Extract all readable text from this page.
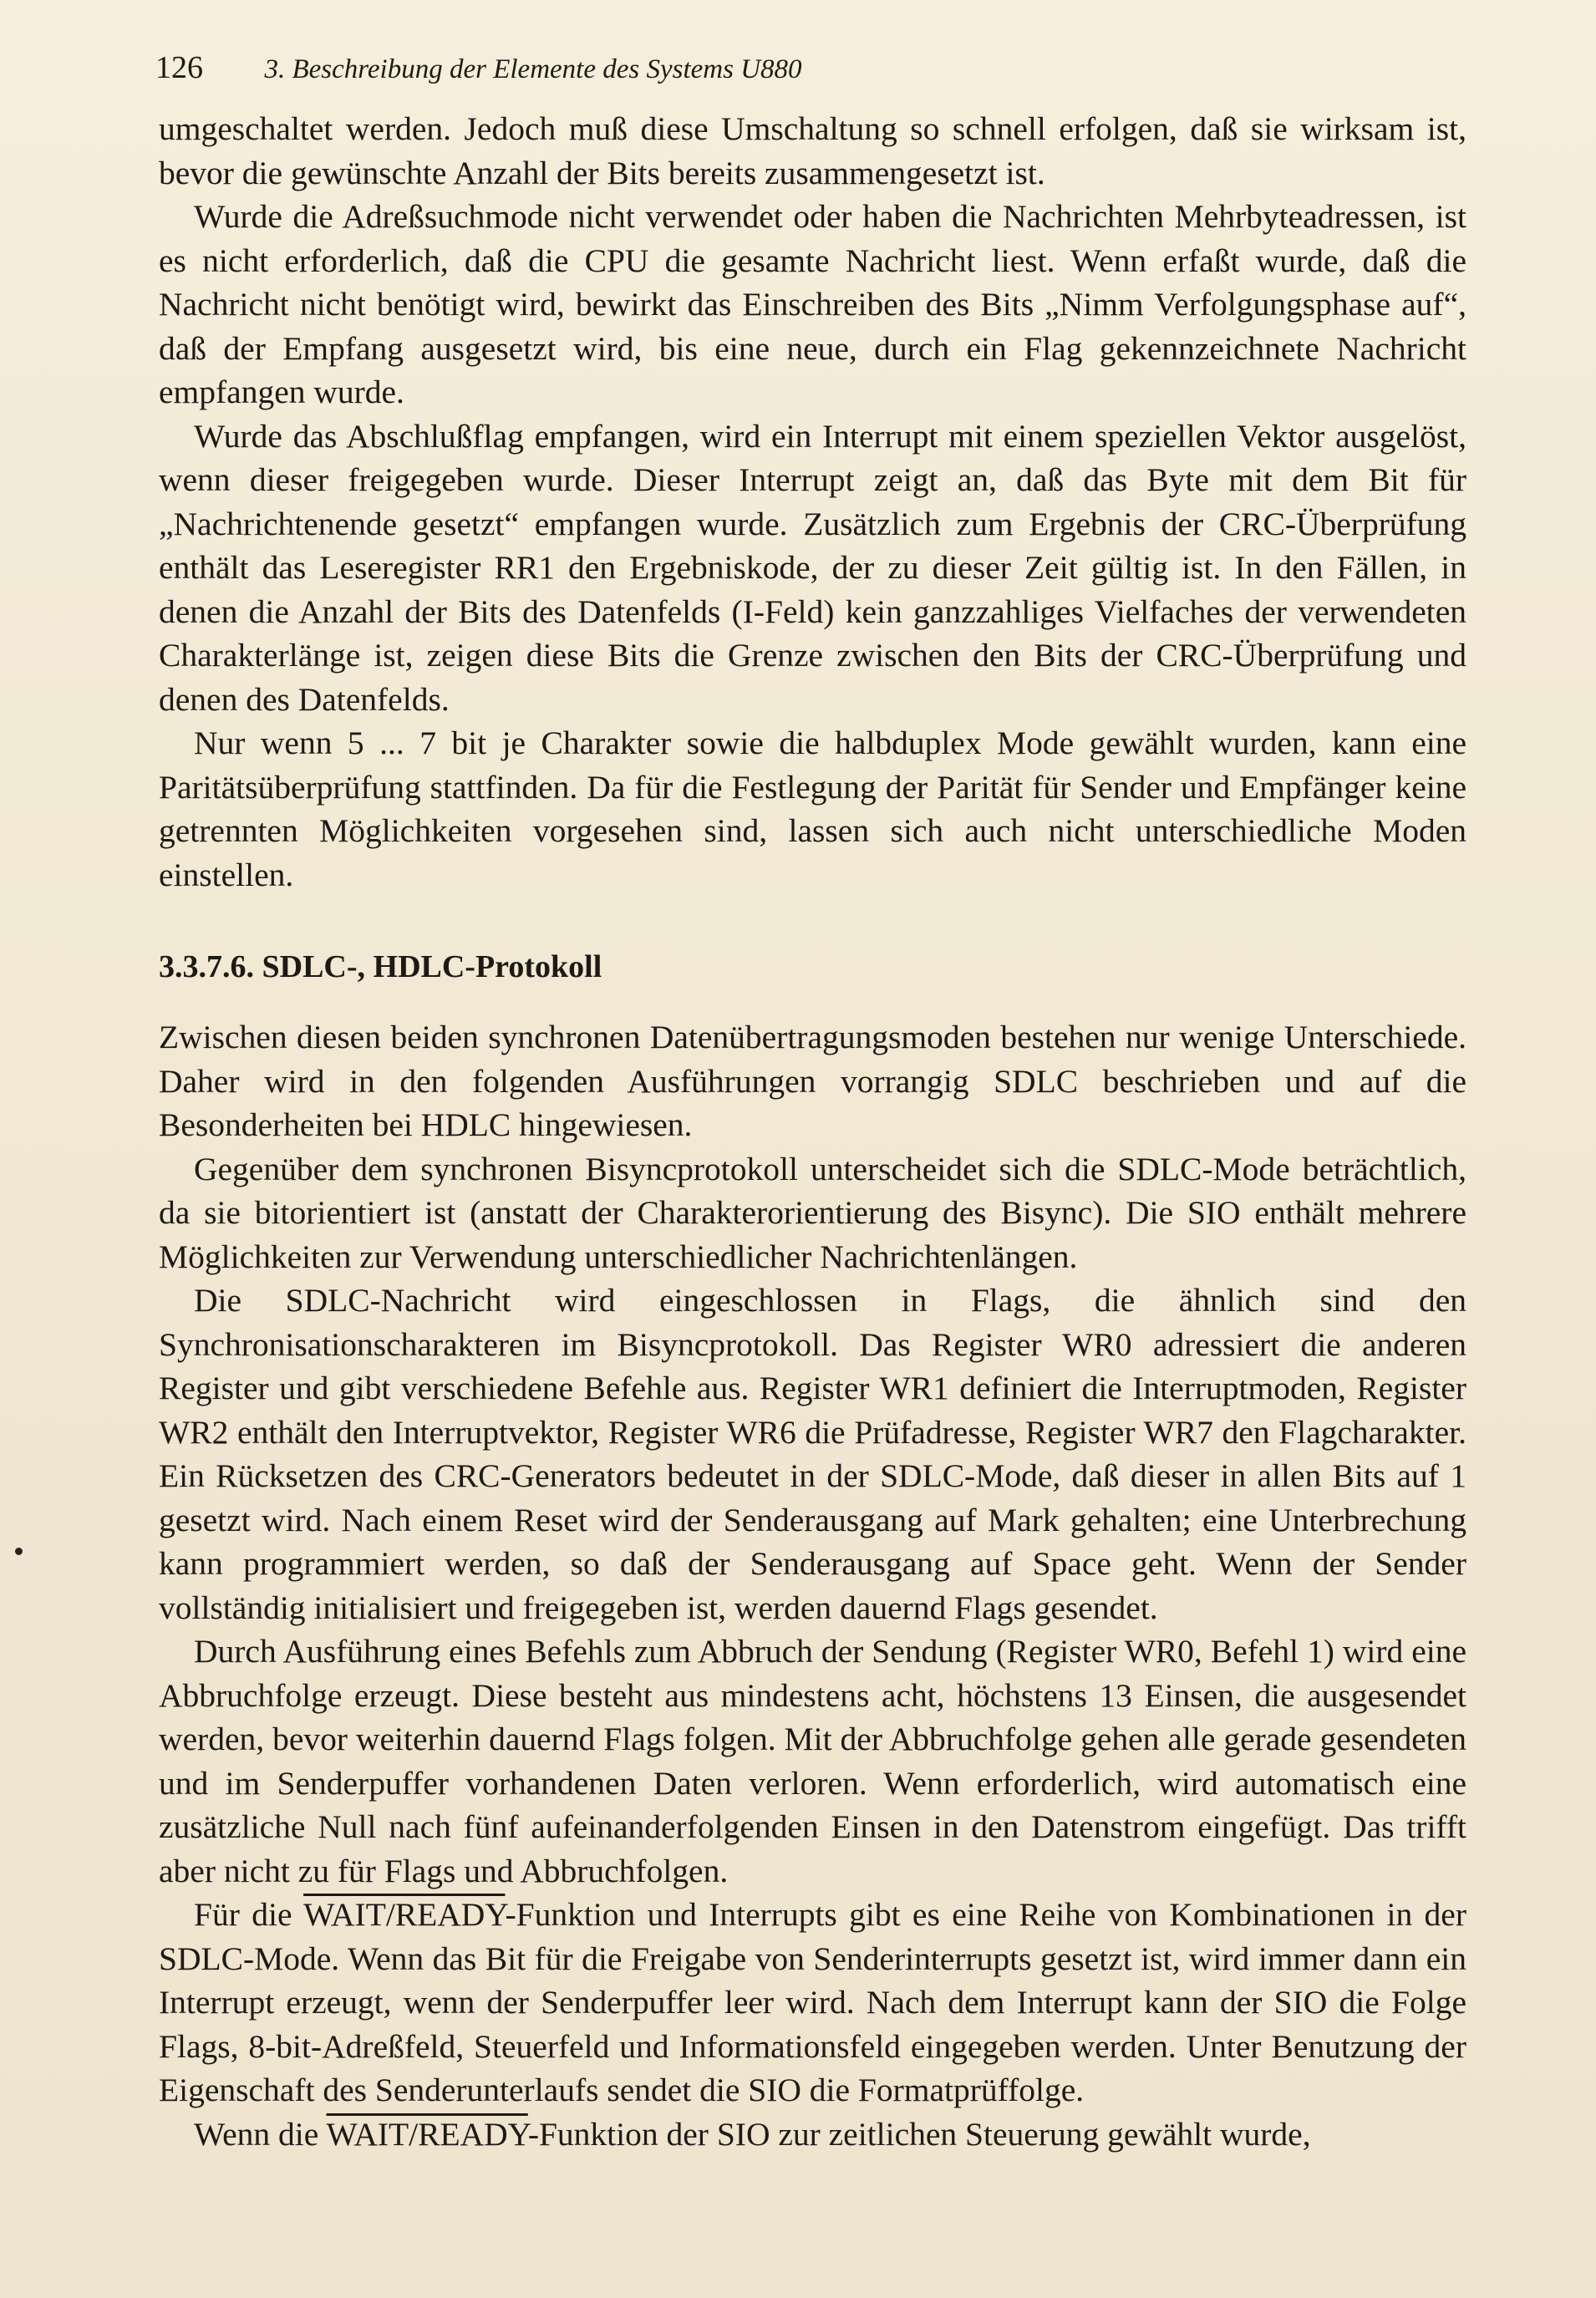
126 3. Beschreibung der Elemente des Systems U880

umgeschaltet werden. Jedoch muß diese Umschaltung so schnell erfolgen, daß sie wirksam ist, bevor die gewünschte Anzahl der Bits bereits zusammengesetzt ist.

Wurde die Adreßsuchmode nicht verwendet oder haben die Nachrichten Mehrbyteadressen, ist es nicht erforderlich, daß die CPU die gesamte Nachricht liest. Wenn erfaßt wurde, daß die Nachricht nicht benötigt wird, bewirkt das Einschreiben des Bits „Nimm Verfolgungsphase auf“, daß der Empfang ausgesetzt wird, bis eine neue, durch ein Flag gekennzeichnete Nachricht empfangen wurde.

Wurde das Abschlußflag empfangen, wird ein Interrupt mit einem speziellen Vektor ausgelöst, wenn dieser freigegeben wurde. Dieser Interrupt zeigt an, daß das Byte mit dem Bit für „Nachrichtenende gesetzt“ empfangen wurde. Zusätzlich zum Ergebnis der CRC-Überprüfung enthält das Leseregister RR1 den Ergebniskode, der zu dieser Zeit gültig ist. In den Fällen, in denen die Anzahl der Bits des Datenfelds (I-Feld) kein ganzzahliges Vielfaches der verwendeten Charakterlänge ist, zeigen diese Bits die Grenze zwischen den Bits der CRC-Überprüfung und denen des Datenfelds.

Nur wenn 5 ... 7 bit je Charakter sowie die halbduplex Mode gewählt wurden, kann eine Paritätsüberprüfung stattfinden. Da für die Festlegung der Parität für Sender und Empfänger keine getrennten Möglichkeiten vorgesehen sind, lassen sich auch nicht unterschiedliche Moden einstellen.

3.3.7.6. SDLC-, HDLC-Protokoll

Zwischen diesen beiden synchronen Datenübertragungsmoden bestehen nur wenige Unterschiede. Daher wird in den folgenden Ausführungen vorrangig SDLC beschrieben und auf die Besonderheiten bei HDLC hingewiesen.

Gegenüber dem synchronen Bisyncprotokoll unterscheidet sich die SDLC-Mode beträchtlich, da sie bitorientiert ist (anstatt der Charakterorientierung des Bisync). Die SIO enthält mehrere Möglichkeiten zur Verwendung unterschiedlicher Nachrichtenlängen.

Die SDLC-Nachricht wird eingeschlossen in Flags, die ähnlich sind den Synchronisationscharakteren im Bisyncprotokoll. Das Register WR0 adressiert die anderen Register und gibt verschiedene Befehle aus. Register WR1 definiert die Interruptmoden, Register WR2 enthält den Interruptvektor, Register WR6 die Prüfadresse, Register WR7 den Flagcharakter. Ein Rücksetzen des CRC-Generators bedeutet in der SDLC-Mode, daß dieser in allen Bits auf 1 gesetzt wird. Nach einem Reset wird der Senderausgang auf Mark gehalten; eine Unterbrechung kann programmiert werden, so daß der Senderausgang auf Space geht. Wenn der Sender vollständig initialisiert und freigegeben ist, werden dauernd Flags gesendet.

Durch Ausführung eines Befehls zum Abbruch der Sendung (Register WR0, Befehl 1) wird eine Abbruchfolge erzeugt. Diese besteht aus mindestens acht, höchstens 13 Einsen, die ausgesendet werden, bevor weiterhin dauernd Flags folgen. Mit der Abbruchfolge gehen alle gerade gesendeten und im Senderpuffer vorhandenen Daten verloren. Wenn erforderlich, wird automatisch eine zusätzliche Null nach fünf aufeinanderfolgenden Einsen in den Datenstrom eingefügt. Das trifft aber nicht zu für Flags und Abbruchfolgen.

Für die WAIT/READY-Funktion und Interrupts gibt es eine Reihe von Kombinationen in der SDLC-Mode. Wenn das Bit für die Freigabe von Senderinterrupts gesetzt ist, wird immer dann ein Interrupt erzeugt, wenn der Senderpuffer leer wird. Nach dem Interrupt kann der SIO die Folge Flags, 8-bit-Adreßfeld, Steuerfeld und Informationsfeld eingegeben werden. Unter Benutzung der Eigenschaft des Senderunterlaufs sendet die SIO die Formatprüffolge.

Wenn die WAIT/READY-Funktion der SIO zur zeitlichen Steuerung gewählt wurde,
